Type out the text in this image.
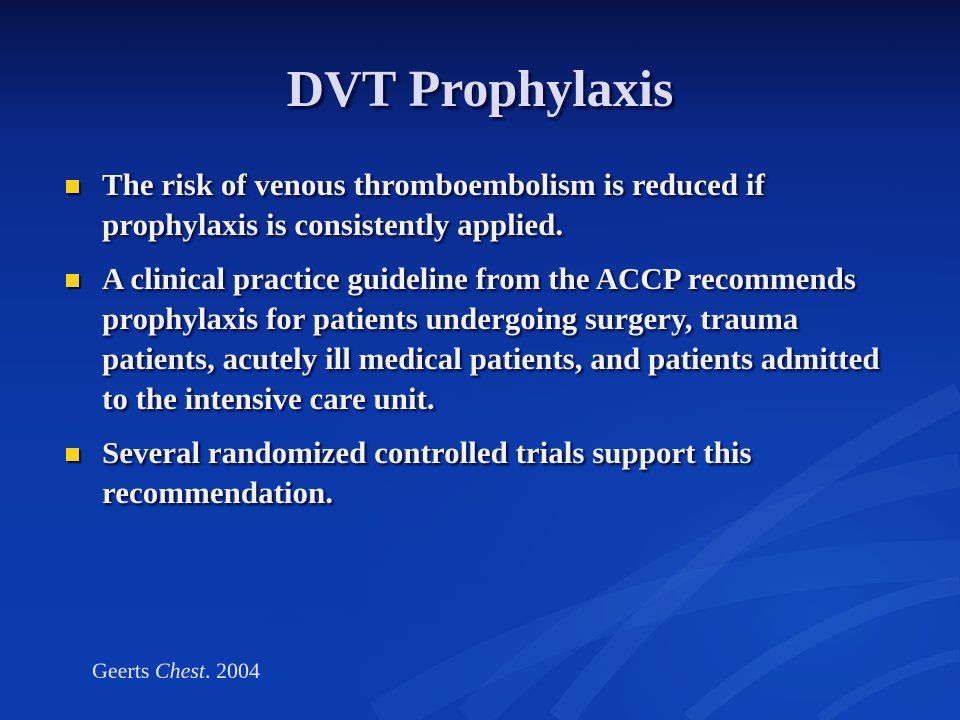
DVT Prophylaxis
The risk of venous thromboembolism is reduced if prophylaxis is consistently applied.
A clinical practice guideline from the ACCP recommends prophylaxis for patients undergoing surgery, trauma patients, acutely ill medical patients, and patients admitted to the intensive care unit.
Several randomized controlled trials support this recommendation.

Geerts Chest. 2004
